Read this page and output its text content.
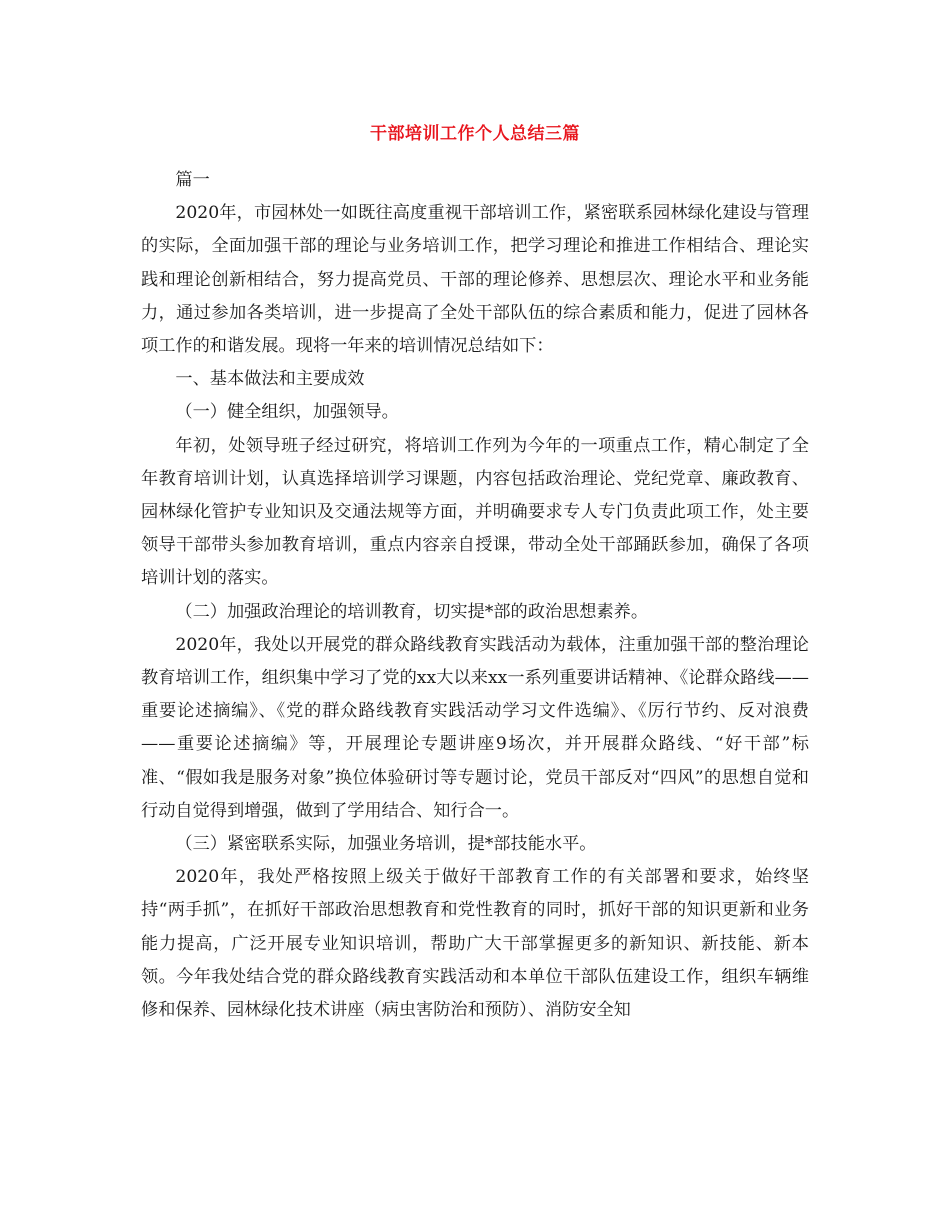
干部培训工作个人总结三篇

篇一

2020年，市园林处一如既往高度重视干部培训工作，紧密联系园林绿化建设与管理的实际，全面加强干部的理论与业务培训工作，把学习理论和推进工作相结合、理论实践和理论创新相结合，努力提高党员、干部的理论修养、思想层次、理论水平和业务能力，通过参加各类培训，进一步提高了全处干部队伍的综合素质和能力，促进了园林各项工作的和谐发展。现将一年来的培训情况总结如下：

一、基本做法和主要成效

（一）健全组织，加强领导。

年初，处领导班子经过研究，将培训工作列为今年的一项重点工作，精心制定了全年教育培训计划，认真选择培训学习课题，内容包括政治理论、党纪党章、廉政教育、园林绿化管护专业知识及交通法规等方面，并明确要求专人专门负责此项工作，处主要领导干部带头参加教育培训，重点内容亲自授课，带动全处干部踊跃参加，确保了各项培训计划的落实。

（二）加强政治理论的培训教育，切实提*部的政治思想素养。

2020年，我处以开展党的群众路线教育实践活动为载体，注重加强干部的整治理论教育培训工作，组织集中学习了党的xx大以来xx一系列重要讲话精神、《论群众路线——重要论述摘编》、《党的群众路线教育实践活动学习文件选编》、《厉行节约、反对浪费——重要论述摘编》等，开展理论专题讲座9场次，并开展群众路线、“好干部”标准、“假如我是服务对象”换位体验研讨等专题讨论，党员干部反对“四风”的思想自觉和行动自觉得到增强，做到了学用结合、知行合一。

（三）紧密联系实际，加强业务培训，提*部技能水平。

2020年，我处严格按照上级关于做好干部教育工作的有关部署和要求，始终坚持“两手抓”，在抓好干部政治思想教育和党性教育的同时，抓好干部的知识更新和业务能力提高，广泛开展专业知识培训，帮助广大干部掌握更多的新知识、新技能、新本领。今年我处结合党的群众路线教育实践活动和本单位干部队伍建设工作，组织车辆维修和保养、园林绿化技术讲座（病虫害防治和预防）、消防安全知
